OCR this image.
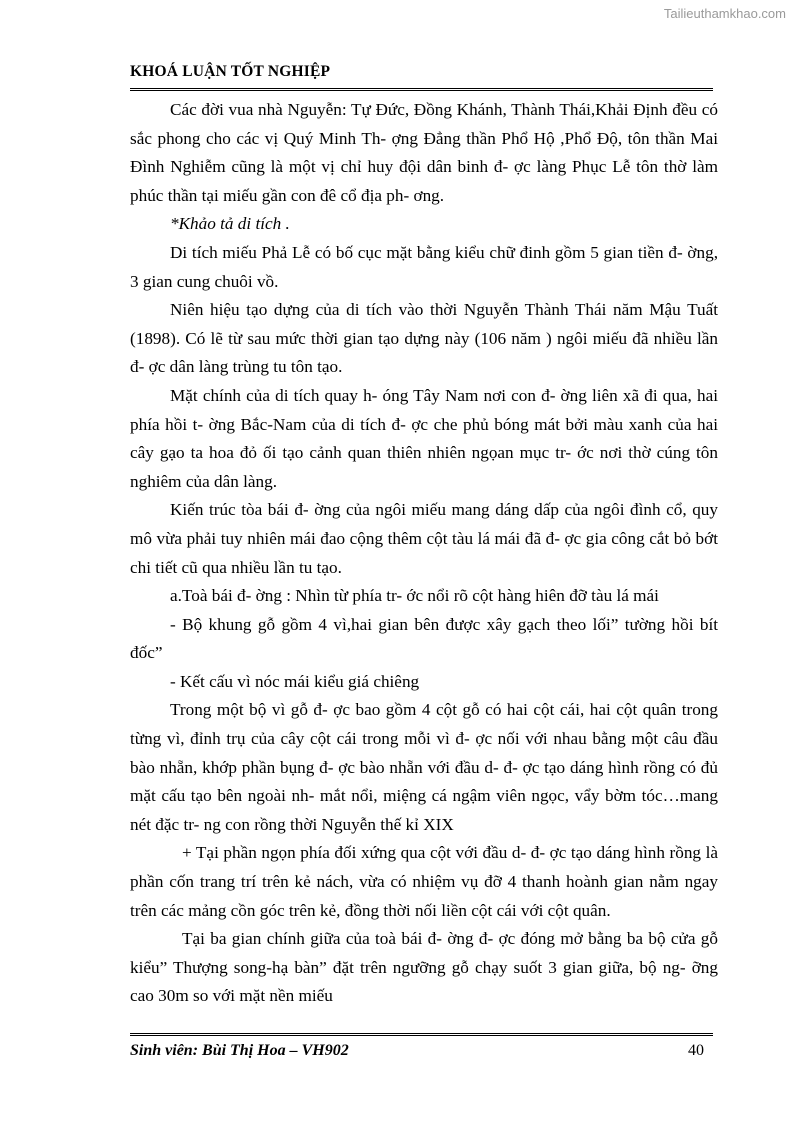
Tailieuthamkhao.com
KHOÁ LUẬN TỐT NGHIỆP

Các đời vua nhà Nguyễn: Tự Đức, Đồng Khánh, Thành Thái,Khải Định đều có sắc phong cho các vị Quý Minh Th- ợng Đẳng thần Phổ Hộ ,Phổ Độ, tôn thần Mai Đình Nghiễm cũng là một vị chỉ huy đội dân binh đ- ợc làng Phục Lễ tôn thờ làm phúc thần tại miếu gần con đê cổ địa ph- ơng.

*Khảo tả di tích .

Di tích miếu Phả Lễ có bố cục mặt bằng kiểu chữ đinh gồm 5 gian tiền đ- ờng, 3 gian cung chuôi vồ.

Niên hiệu tạo dựng của di tích vào thời Nguyễn Thành Thái năm Mậu Tuất (1898). Có lẽ từ sau mức thời gian tạo dựng này (106 năm ) ngôi miếu đã nhiều lần đ- ợc dân làng trùng tu tôn tạo.

Mặt chính của di tích quay h- óng Tây Nam nơi con đ- ờng liên xã đi qua, hai phía hồi t- ờng Bắc-Nam của di tích đ- ợc che phủ bóng mát bởi màu xanh của hai cây gạo ta hoa đỏ ối tạo cảnh quan thiên nhiên ngọan mục tr- ớc nơi thờ cúng tôn nghiêm của dân làng.

Kiến trúc tòa bái đ- ờng của ngôi miếu mang dáng dấp của ngôi đình cổ, quy mô vừa phải tuy nhiên mái đao cộng thêm cột tàu lá mái đã đ- ợc gia công cắt bỏ bớt chi tiết cũ qua nhiều lần tu tạo.

a.Toà bái đ- ờng : Nhìn từ phía tr- ớc nổi rõ cột hàng hiên đỡ tàu lá mái

- Bộ khung gỗ gồm 4 vì,hai gian bên được xây gạch theo lối” tường hồi bít đốc”

- Kết cấu vì nóc mái kiểu giá chiêng

Trong một bộ vì gỗ đ- ợc bao gồm 4 cột gỗ có hai cột cái, hai cột quân trong từng vì, đỉnh trụ của cây cột cái trong mỗi vì đ- ợc nối với nhau bằng một câu đầu bào nhẵn, khớp phần bụng đ- ợc bào nhẵn với đầu d- đ- ợc tạo dáng hình rồng có đủ mặt cấu tạo bên ngoài nh- mắt nổi, miệng cá ngậm viên ngọc, vẩy bờm tóc…mang nét đặc tr- ng con rồng thời Nguyễn thế kỉ XIX

+ Tại phần ngọn phía đối xứng qua cột với đầu d- đ- ợc tạo dáng hình rồng là phần cốn trang trí trên kẻ nách, vừa có nhiệm vụ đỡ 4 thanh hoành gian nằm ngay trên các mảng cồn góc trên kẻ, đồng thời nối liền cột cái với cột quân.

Tại ba gian chính giữa của toà bái đ- ờng đ- ợc đóng mở bằng ba bộ cửa gỗ kiểu” Thượng song-hạ bàn” đặt trên ngưỡng gỗ chạy suốt 3 gian giữa, bộ ng- ỡng cao 30m so với mặt nền miếu

Sinh viên: Bùi Thị Hoa – VH902	40
